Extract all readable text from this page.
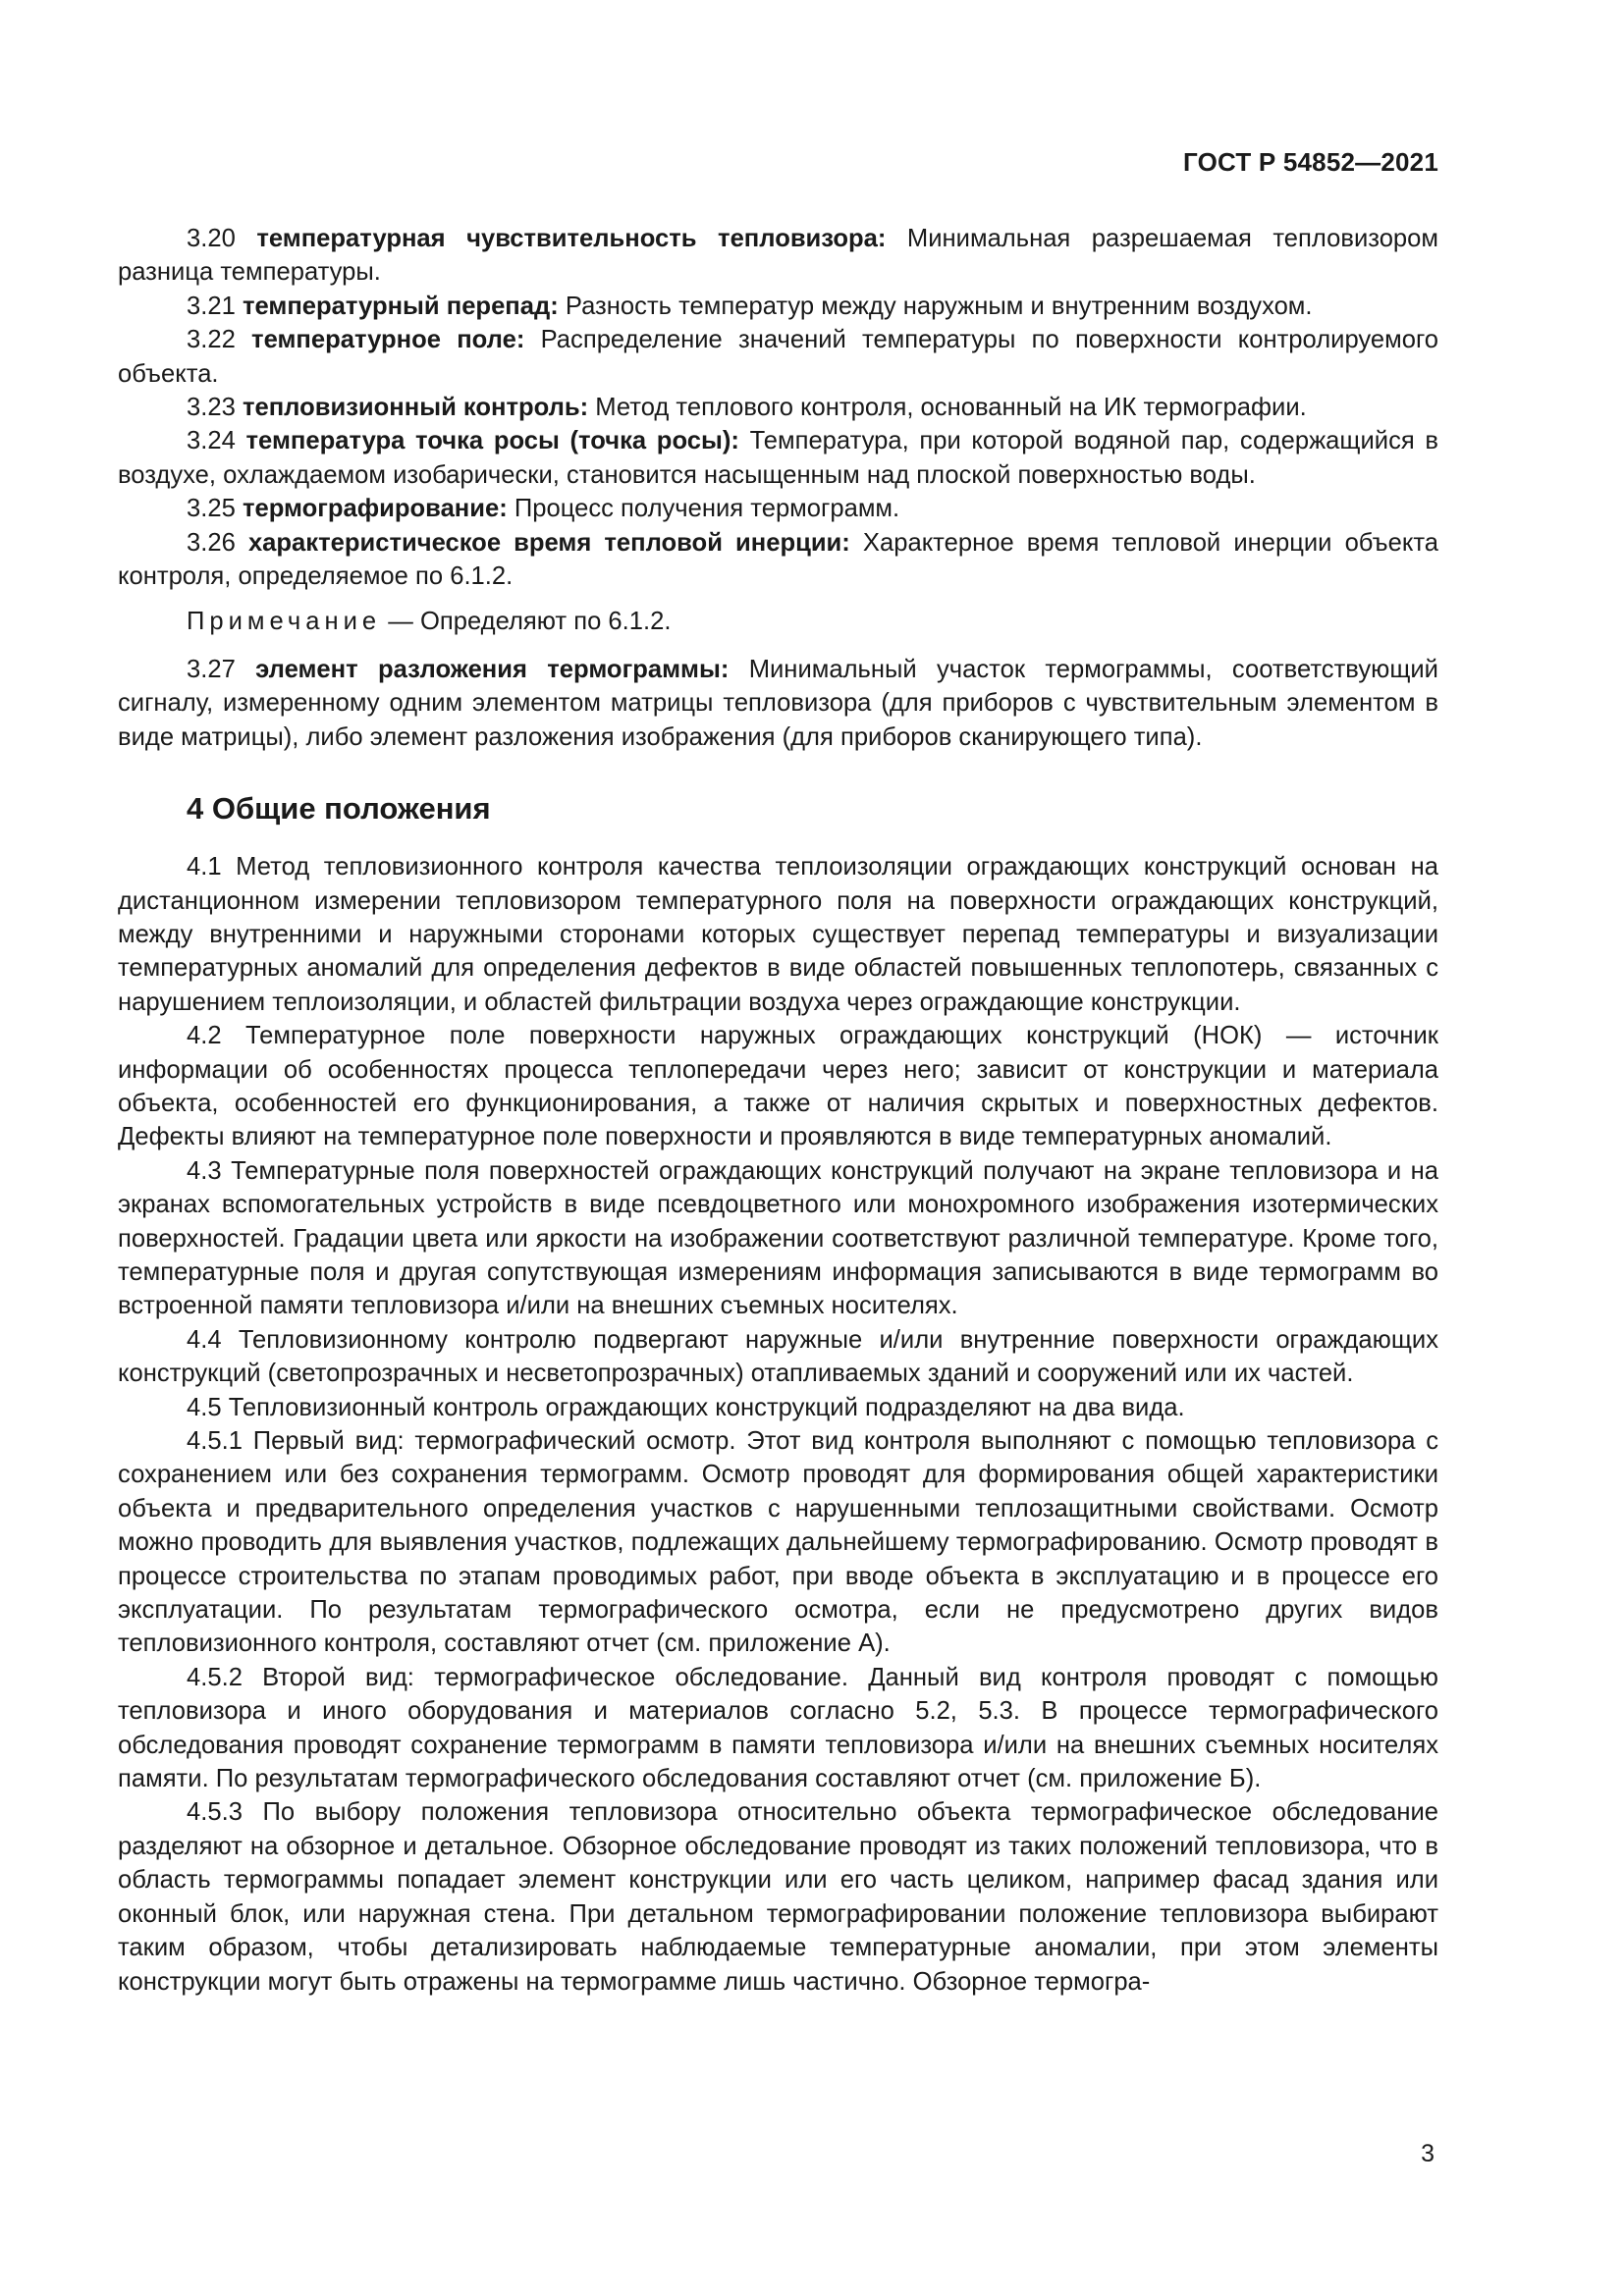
ГОСТ Р 54852—2021

3.20 температурная чувствительность тепловизора: Минимальная разрешаемая тепловизором разница температуры.

3.21 температурный перепад: Разность температур между наружным и внутренним воздухом.

3.22 температурное поле: Распределение значений температуры по поверхности контролируемого объекта.

3.23 тепловизионный контроль: Метод теплового контроля, основанный на ИК термографии.

3.24 температура точка росы (точка росы): Температура, при которой водяной пар, содержащийся в воздухе, охлаждаемом изобарически, становится насыщенным над плоской поверхностью воды.

3.25 термографирование: Процесс получения термограмм.

3.26 характеристическое время тепловой инерции: Характерное время тепловой инерции объекта контроля, определяемое по 6.1.2.

Примечание — Определяют по 6.1.2.

3.27 элемент разложения термограммы: Минимальный участок термограммы, соответствующий сигналу, измеренному одним элементом матрицы тепловизора (для приборов с чувствительным элементом в виде матрицы), либо элемент разложения изображения (для приборов сканирующего типа).

4 Общие положения

4.1 Метод тепловизионного контроля качества теплоизоляции ограждающих конструкций основан на дистанционном измерении тепловизором температурного поля на поверхности ограждающих конструкций, между внутренними и наружными сторонами которых существует перепад температуры и визуализации температурных аномалий для определения дефектов в виде областей повышенных теплопотерь, связанных с нарушением теплоизоляции, и областей фильтрации воздуха через ограждающие конструкции.

4.2 Температурное поле поверхности наружных ограждающих конструкций (НОК) — источник информации об особенностях процесса теплопередачи через него; зависит от конструкции и материала объекта, особенностей его функционирования, а также от наличия скрытых и поверхностных дефектов. Дефекты влияют на температурное поле поверхности и проявляются в виде температурных аномалий.

4.3 Температурные поля поверхностей ограждающих конструкций получают на экране тепловизора и на экранах вспомогательных устройств в виде псевдоцветного или монохромного изображения изотермических поверхностей. Градации цвета или яркости на изображении соответствуют различной температуре. Кроме того, температурные поля и другая сопутствующая измерениям информация записываются в виде термограмм во встроенной памяти тепловизора и/или на внешних съемных носителях.

4.4 Тепловизионному контролю подвергают наружные и/или внутренние поверхности ограждающих конструкций (светопрозрачных и несветопрозрачных) отапливаемых зданий и сооружений или их частей.

4.5 Тепловизионный контроль ограждающих конструкций подразделяют на два вида.

4.5.1 Первый вид: термографический осмотр. Этот вид контроля выполняют с помощью тепловизора с сохранением или без сохранения термограмм. Осмотр проводят для формирования общей характеристики объекта и предварительного определения участков с нарушенными теплозащитными свойствами. Осмотр можно проводить для выявления участков, подлежащих дальнейшему термографированию. Осмотр проводят в процессе строительства по этапам проводимых работ, при вводе объекта в эксплуатацию и в процессе его эксплуатации. По результатам термографического осмотра, если не предусмотрено других видов тепловизионного контроля, составляют отчет (см. приложение А).

4.5.2 Второй вид: термографическое обследование. Данный вид контроля проводят с помощью тепловизора и иного оборудования и материалов согласно 5.2, 5.3. В процессе термографического обследования проводят сохранение термограмм в памяти тепловизора и/или на внешних съемных носителях памяти. По результатам термографического обследования составляют отчет (см. приложение Б).

4.5.3 По выбору положения тепловизора относительно объекта термографическое обследование разделяют на обзорное и детальное. Обзорное обследование проводят из таких положений тепловизора, что в область термограммы попадает элемент конструкции или его часть целиком, например фасад здания или оконный блок, или наружная стена. При детальном термографировании положение тепловизора выбирают таким образом, чтобы детализировать наблюдаемые температурные аномалии, при этом элементы конструкции могут быть отражены на термограмме лишь частично. Обзорное термогра-

3
